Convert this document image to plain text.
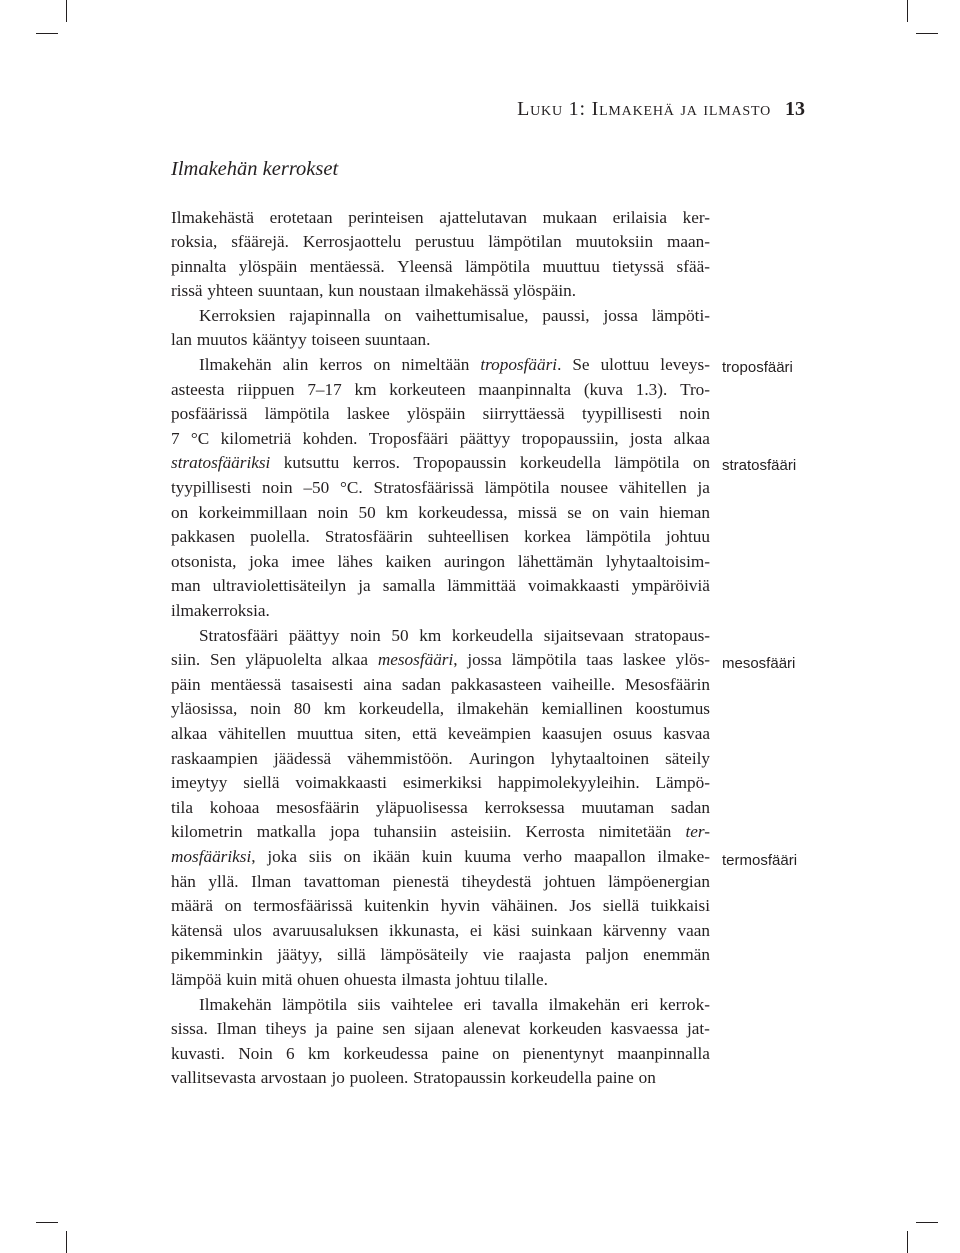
Luku 1: Ilmakehä ja ilmasto 13
Ilmakehän kerrokset
Ilmakehästä erotetaan perinteisen ajattelutavan mukaan erilaisia ker-
roksia, sfäärejä. Kerrosjaottelu perustuu lämpötilan muutoksiin maan-
pinnalta ylöspäin mentäessä. Yleensä lämpötila muuttuu tietyssä sfää-
rissä yhteen suuntaan, kun noustaan ilmakehässä ylöspäin.
Kerroksien rajapinnalla on vaihettumisalue, paussi, jossa lämpöti-
lan muutos kääntyy toiseen suuntaan.
Ilmakehän alin kerros on nimeltään troposfääri. Se ulottuu leveys-
asteesta riippuen 7–17 km korkeuteen maanpinnalta (kuva 1.3). Tro-
posfäärissä lämpötila laskee ylöspäin siirryttäessä tyypillisesti noin
7 °C kilometriä kohden. Troposfääri päättyy tropopaussiin, josta alkaa
stratosfääriksi kutsuttu kerros. Tropopaussin korkeudella lämpötila on
tyypillisesti noin –50 °C. Stratosfäärissä lämpötila nousee vähitellen ja
on korkeimmillaan noin 50 km korkeudessa, missä se on vain hieman
pakkasen puolella. Stratosfäärin suhteellisen korkea lämpötila johtuu
otsonista, joka imee lähes kaiken auringon lähettämän lyhytaaltoisim-
man ultraviolettisäteilyn ja samalla lämmittää voimakkaasti ympäröiviä
ilmakerroksia.
Stratosfääri päättyy noin 50 km korkeudella sijaitsevaan stratopaus-
siin. Sen yläpuolelta alkaa mesosfääri, jossa lämpötila taas laskee ylös-
päin mentäessä tasaisesti aina sadan pakkasasteen vaiheille. Mesosfäärin
yläosissa, noin 80 km korkeudella, ilmakehän kemiallinen koostumus
alkaa vähitellen muuttua siten, että keveämpien kaasujen osuus kasvaa
raskaampien jäädessä vähemmistöön. Auringon lyhytaaltoinen säteily
imeytyy siellä voimakkaasti esimerkiksi happimolekyyleihin. Lämpö-
tila kohoaa mesosfäärin yläpuolisessa kerroksessa muutaman sadan
kilometrin matkalla jopa tuhansiin asteisiin. Kerrosta nimitetään ter-
mosfääriksi, joka siis on ikään kuin kuuma verho maapallon ilmake-
hän yllä. Ilman tavattoman pienestä tiheydestä johtuen lämpöenergian
määrä on termosfäärissä kuitenkin hyvin vähäinen. Jos siellä tuikkaisi
kätensä ulos avaruusaluksen ikkunasta, ei käsi suinkaan kärvenny vaan
pikemminkin jäätyy, sillä lämpösäteily vie raajasta paljon enemmän
lämpöä kuin mitä ohuen ohuesta ilmasta johtuu tilalle.
Ilmakehän lämpötila siis vaihtelee eri tavalla ilmakehän eri kerrok-
sissa. Ilman tiheys ja paine sen sijaan alenevat korkeuden kasvaessa jat-
kuvasti. Noin 6 km korkeudessa paine on pienentynyt maanpinnalla
vallitsevasta arvostaan jo puoleen. Stratopaussin korkeudella paine on
troposfääri
stratosfääri
mesosfääri
termosfääri
